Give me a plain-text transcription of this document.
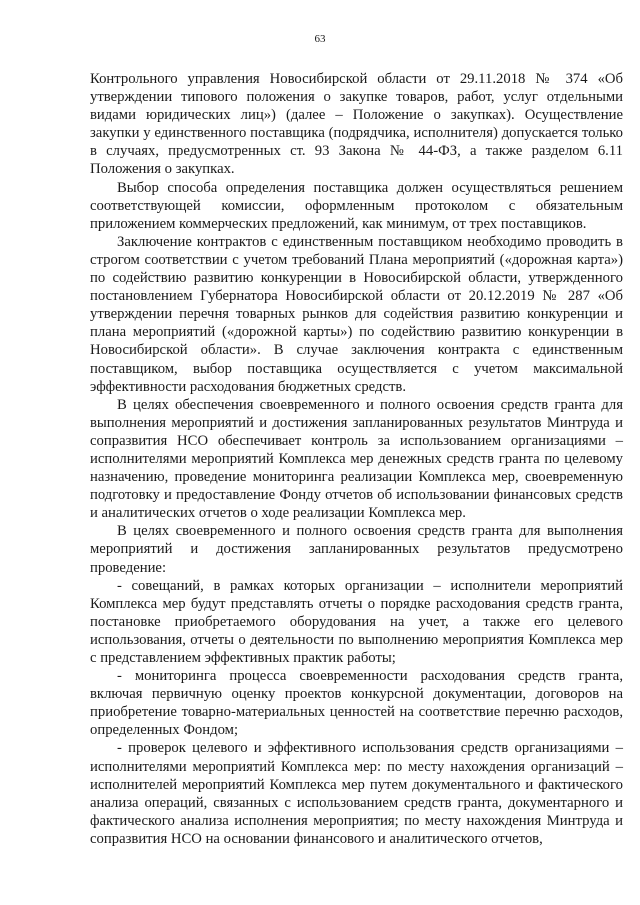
63

Контрольного управления Новосибирской области от 29.11.2018 № 374 «Об утверждении типового положения о закупке товаров, работ, услуг отдельными видами юридических лиц») (далее – Положение о закупках). Осуществление закупки у единственного поставщика (подрядчика, исполнителя) допускается только в случаях, предусмотренных ст. 93 Закона № 44-ФЗ, а также разделом 6.11 Положения о закупках.

Выбор способа определения поставщика должен осуществляться решением соответствующей комиссии, оформленным протоколом с обязательным приложением коммерческих предложений, как минимум, от трех поставщиков.

Заключение контрактов с единственным поставщиком необходимо проводить в строгом соответствии с учетом требований Плана мероприятий («дорожная карта») по содействию развитию конкуренции в Новосибирской области, утвержденного постановлением Губернатора Новосибирской области от 20.12.2019 № 287 «Об утверждении перечня товарных рынков для содействия развитию конкуренции и плана мероприятий («дорожной карты») по содействию развитию конкуренции в Новосибирской области». В случае заключения контракта с единственным поставщиком, выбор поставщика осуществляется с учетом максимальной эффективности расходования бюджетных средств.

В целях обеспечения своевременного и полного освоения средств гранта для выполнения мероприятий и достижения запланированных результатов Минтруда и сопразвития НСО обеспечивает контроль за использованием организациями – исполнителями мероприятий Комплекса мер денежных средств гранта по целевому назначению, проведение мониторинга реализации Комплекса мер, своевременную подготовку и предоставление Фонду отчетов об использовании финансовых средств и аналитических отчетов о ходе реализации Комплекса мер.

В целях своевременного и полного освоения средств гранта для выполнения мероприятий и достижения запланированных результатов предусмотрено проведение:

- совещаний, в рамках которых организации – исполнители мероприятий Комплекса мер будут представлять отчеты о порядке расходования средств гранта, постановке приобретаемого оборудования на учет, а также его целевого использования, отчеты о деятельности по выполнению мероприятия Комплекса мер с представлением эффективных практик работы;

- мониторинга процесса своевременности расходования средств гранта, включая первичную оценку проектов конкурсной документации, договоров на приобретение товарно-материальных ценностей на соответствие перечню расходов, определенных Фондом;

- проверок целевого и эффективного использования средств организациями – исполнителями мероприятий Комплекса мер: по месту нахождения организаций – исполнителей мероприятий Комплекса мер путем документального и фактического анализа операций, связанных с использованием средств гранта, документарного и фактического анализа исполнения мероприятия; по месту нахождения Минтруда и сопразвития НСО на основании финансового и аналитического отчетов,
